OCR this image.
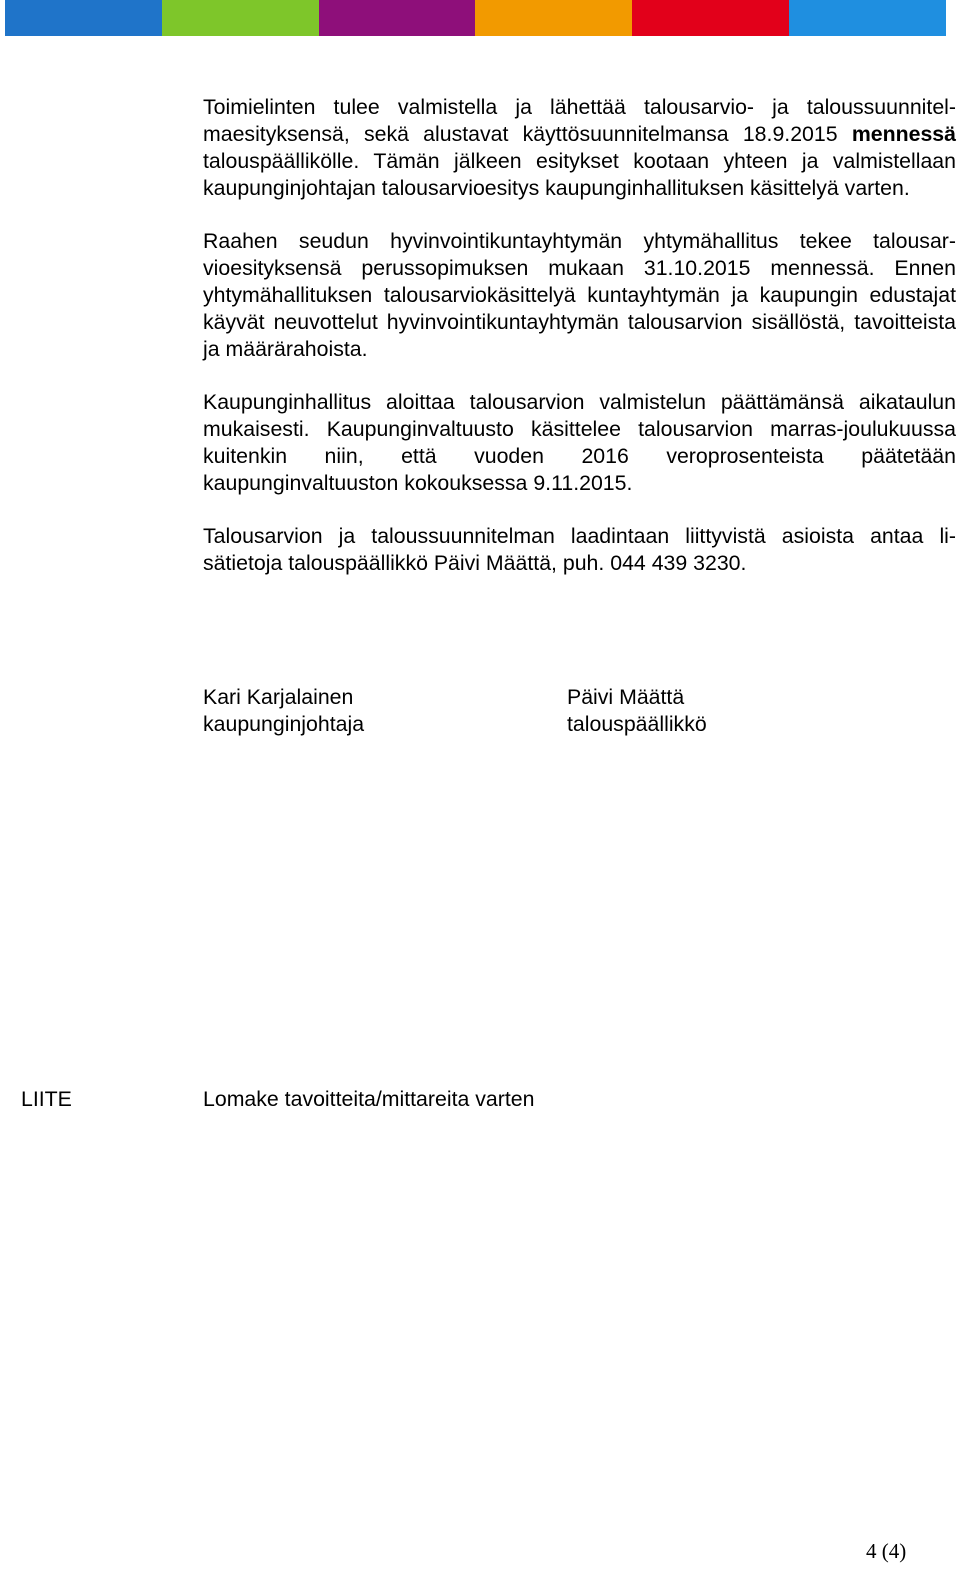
Toimielinten tulee valmistella ja lähettää talousarvio- ja taloussuunnitelmaesityksensä, sekä alustavat käyttösuunnitelmansa 18.9.2015 mennessä talouspäällikölle. Tämän jälkeen esitykset kootaan yhteen ja valmistellaan kaupunginjohtajan talousarvioesitys kaupunginhallituksen käsittelyä varten.

Raahen seudun hyvinvointikuntayhtymän yhtymähallitus tekee talousarvioesityksensä perussopimuksen mukaan 31.10.2015 mennessä. Ennen yhtymähallituksen talousarviokäsittelyä kuntayhtymän ja kaupungin edustajat käyvät neuvottelut hyvinvointikuntayhtymän talousarvion sisällöstä, tavoitteista ja määrärahoista.

Kaupunginhallitus aloittaa talousarvion valmistelun päättämänsä aikataulun mukaisesti. Kaupunginvaltuusto käsittelee talousarvion marras-joulukuussa kuitenkin niin, että vuoden 2016 veroprosenteista päätetään kaupunginvaltuuston kokouksessa 9.11.2015.

Talousarvion ja taloussuunnitelman laadintaan liittyvistä asioista antaa lisätietoja talouspäällikkö Päivi Määttä, puh. 044 439 3230.

Kari Karjalainen
kaupunginjohtaja
Päivi Määttä
talouspäällikkö
LIITE	Lomake tavoitteita/mittareita varten
4 (4)
